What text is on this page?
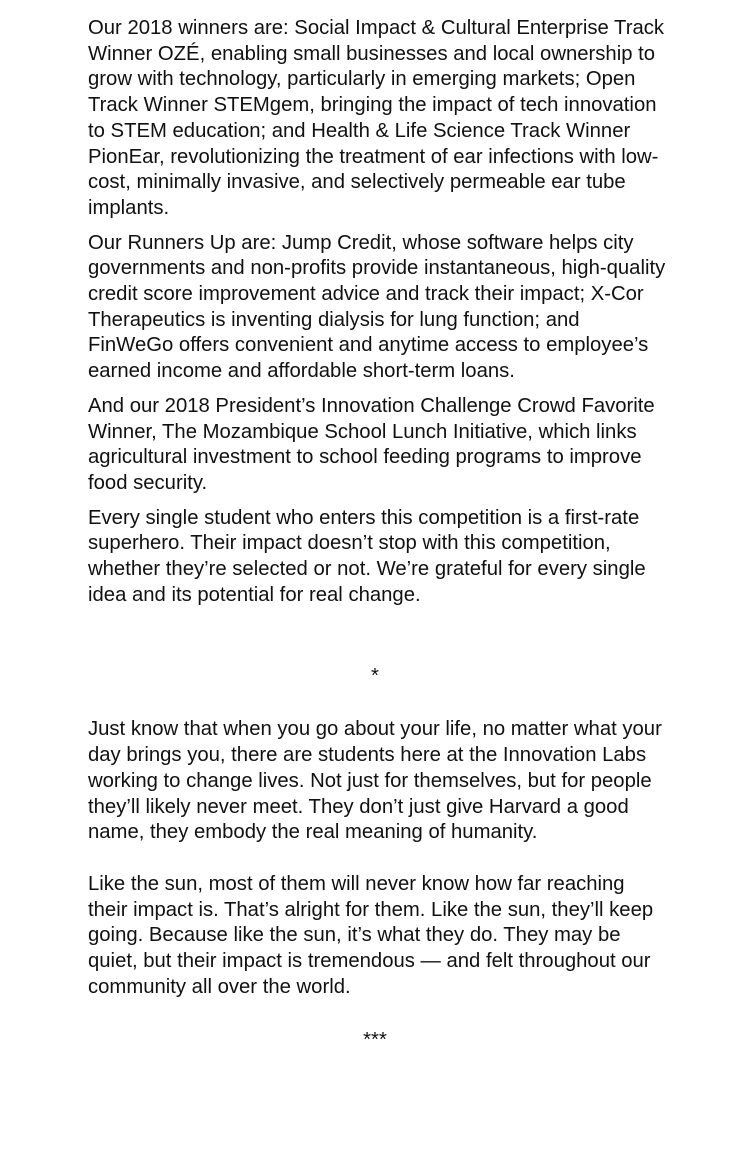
Our 2018 winners are: Social Impact & Cultural Enterprise Track Winner OZÉ, enabling small businesses and local ownership to grow with technology, particularly in emerging markets; Open Track Winner STEMgem, bringing the impact of tech innovation to STEM education; and Health & Life Science Track Winner PionEar, revolutionizing the treatment of ear infections with low-cost, minimally invasive, and selectively permeable ear tube implants.

Our Runners Up are: Jump Credit, whose software helps city governments and non-profits provide instantaneous, high-quality credit score improvement advice and track their impact; X-Cor Therapeutics is inventing dialysis for lung function; and FinWeGo offers convenient and anytime access to employee’s earned income and affordable short-term loans.

And our 2018 President’s Innovation Challenge Crowd Favorite Winner, The Mozambique School Lunch Initiative, which links agricultural investment to school feeding programs to improve food security.

Every single student who enters this competition is a first-rate superhero. Their impact doesn’t stop with this competition, whether they’re selected or not. We’re grateful for every single idea and its potential for real change.

*

Just know that when you go about your life, no matter what your day brings you, there are students here at the Innovation Labs working to change lives. Not just for themselves, but for people they’ll likely never meet. They don’t just give Harvard a good name, they embody the real meaning of humanity.

Like the sun, most of them will never know how far reaching their impact is. That’s alright for them. Like the sun, they’ll keep going. Because like the sun, it’s what they do. They may be quiet, but their impact is tremendous — and felt throughout our community all over the world.

***
